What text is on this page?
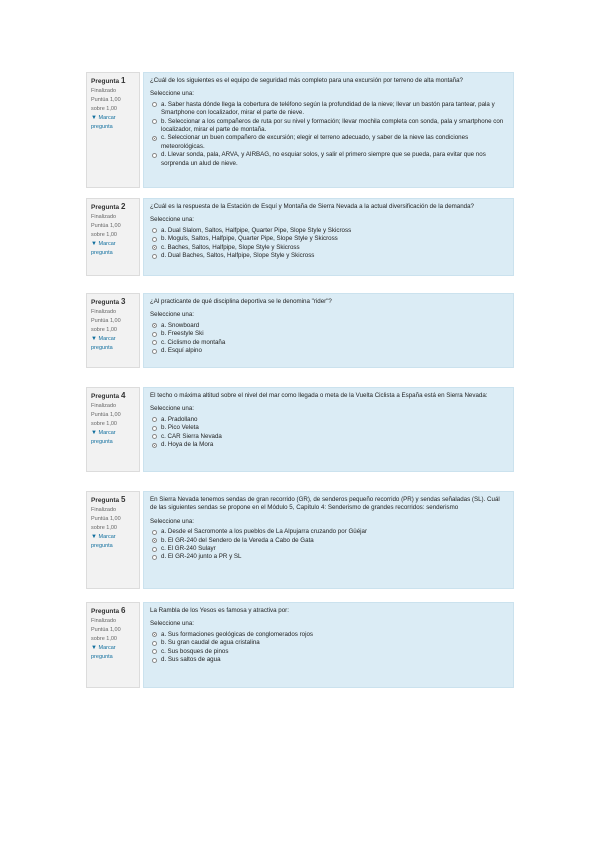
Pregunta 1
Finalizado
Puntúa 1,00 sobre 1,00
▼ Marcar pregunta
¿Cuál de los siguientes es el equipo de seguridad más completo para una excursión por terreno de alta montaña?
Seleccione una:
a. Saber hasta dónde llega la cobertura de teléfono según la profundidad de la nieve; llevar un bastón para tantear, pala y Smartphone con localizador, mirar el parte de nieve.
b. Seleccionar a los compañeros de ruta por su nivel y formación; llevar mochila completa con sonda, pala y smartphone con localizador, mirar el parte de montaña.
c. Seleccionar un buen compañero de excursión; elegir el terreno adecuado, y saber de la nieve las condiciones meteorológicas.
d. Llevar sonda, pala, ARVA, y AIRBAG, no esquiar solos, y salir el primero siempre que se pueda, para evitar que nos sorprenda un alud de nieve.
Pregunta 2
Finalizado
Puntúa 1,00 sobre 1,00
▼ Marcar pregunta
¿Cuál es la respuesta de la Estación de Esquí y Montaña de Sierra Nevada a la actual diversificación de la demanda?
Seleccione una:
a. Dual Slalom, Saltos, Halfpipe, Quarter Pipe, Slope Style y Skicross
b. Moguls, Saltos, Halfpipe, Quarter Pipe, Slope Style y Skicross
c. Baches, Saltos, Halfpipe, Slope Style y Skicross
d. Dual Baches, Saltos, Halfpipe, Slope Style y Skicross
Pregunta 3
Finalizado
Puntúa 1,00 sobre 1,00
▼ Marcar pregunta
¿Al practicante de qué disciplina deportiva se le denomina "rider"?
Seleccione una:
a. Snowboard
b. Freestyle Ski
c. Ciclismo de montaña
d. Esquí alpino
Pregunta 4
Finalizado
Puntúa 1,00 sobre 1,00
▼ Marcar pregunta
El techo o máxima altitud sobre el nivel del mar como llegada o meta de la Vuelta Ciclista a España está en Sierra Nevada:
Seleccione una:
a. Pradollano
b. Pico Veleta
c. CAR Sierra Nevada
d. Hoya de la Mora
Pregunta 5
Finalizado
Puntúa 1,00 sobre 1,00
▼ Marcar pregunta
En Sierra Nevada tenemos sendas de gran recorrido (GR), de senderos pequeño recorrido (PR) y sendas señaladas (SL). Cuál de las siguientes sendas se propone en el Módulo 5, Capítulo 4: Senderismo de grandes recorridos: senderismo
Seleccione una:
a. Desde el Sacromonte a los pueblos de La Alpujarra cruzando por Güéjar
b. El GR-240 del Sendero de la Vereda a Cabo de Gata
c. El GR-240 Sulayr
d. El GR-240 junto a PR y SL
Pregunta 6
Finalizado
Puntúa 1,00 sobre 1,00
▼ Marcar pregunta
La Rambla de los Yesos es famosa y atractiva por:
Seleccione una:
a. Sus formaciones geológicas de conglomerados rojos
b. Su gran caudal de agua cristalina
c. Sus bosques de pinos
d. Sus saltos de agua
